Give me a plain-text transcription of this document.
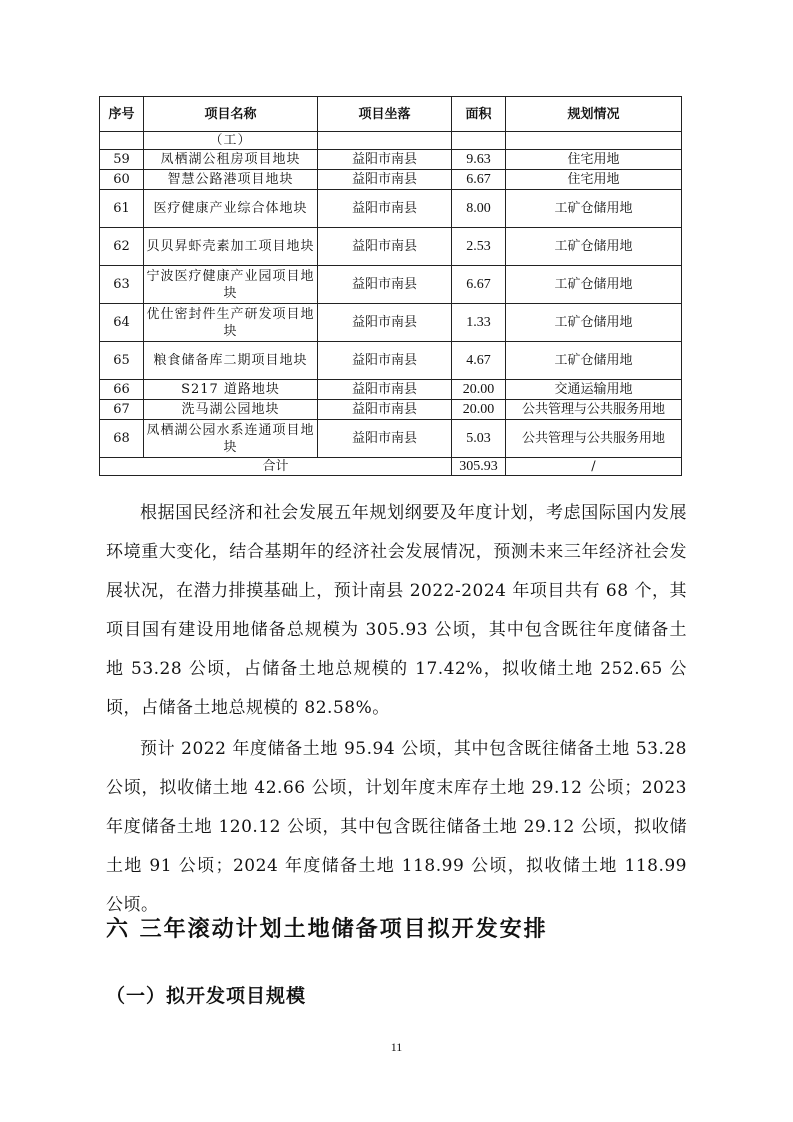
序号	项目名称	项目坐落	面积	规划情况
	（工）			
59	凤栖湖公租房项目地块	益阳市南县	9.63	住宅用地
60	智慧公路港项目地块	益阳市南县	6.67	住宅用地
61	医疗健康产业综合体地块	益阳市南县	8.00	工矿仓储用地
62	贝贝昇虾壳素加工项目地块	益阳市南县	2.53	工矿仓储用地
63	宁波医疗健康产业园项目地块	益阳市南县	6.67	工矿仓储用地
64	优仕密封件生产研发项目地块	益阳市南县	1.33	工矿仓储用地
65	粮食储备库二期项目地块	益阳市南县	4.67	工矿仓储用地
66	S217 道路地块	益阳市南县	20.00	交通运输用地
67	洗马湖公园地块	益阳市南县	20.00	公共管理与公共服务用地
68	凤栖湖公园水系连通项目地块	益阳市南县	5.03	公共管理与公共服务用地
合计			305.93	/

根据国民经济和社会发展五年规划纲要及年度计划，考虑国际国内发展环境重大变化，结合基期年的经济社会发展情况，预测未来三年经济社会发展状况，在潜力排摸基础上，预计南县 2022-2024 年项目共有 68 个，其项目国有建设用地储备总规模为 305.93 公顷，其中包含既往年度储备土地 53.28 公顷，占储备土地总规模的 17.42%，拟收储土地 252.65 公顷，占储备土地总规模的 82.58%。

预计 2022 年度储备土地 95.94 公顷，其中包含既往储备土地 53.28 公顷，拟收储土地 42.66 公顷，计划年度末库存土地 29.12 公顷；2023 年度储备土地 120.12 公顷，其中包含既往储备土地 29.12 公顷，拟收储土地 91 公顷；2024 年度储备土地 118.99 公顷，拟收储土地 118.99 公顷。

六 三年滚动计划土地储备项目拟开发安排
（一）拟开发项目规模
11
